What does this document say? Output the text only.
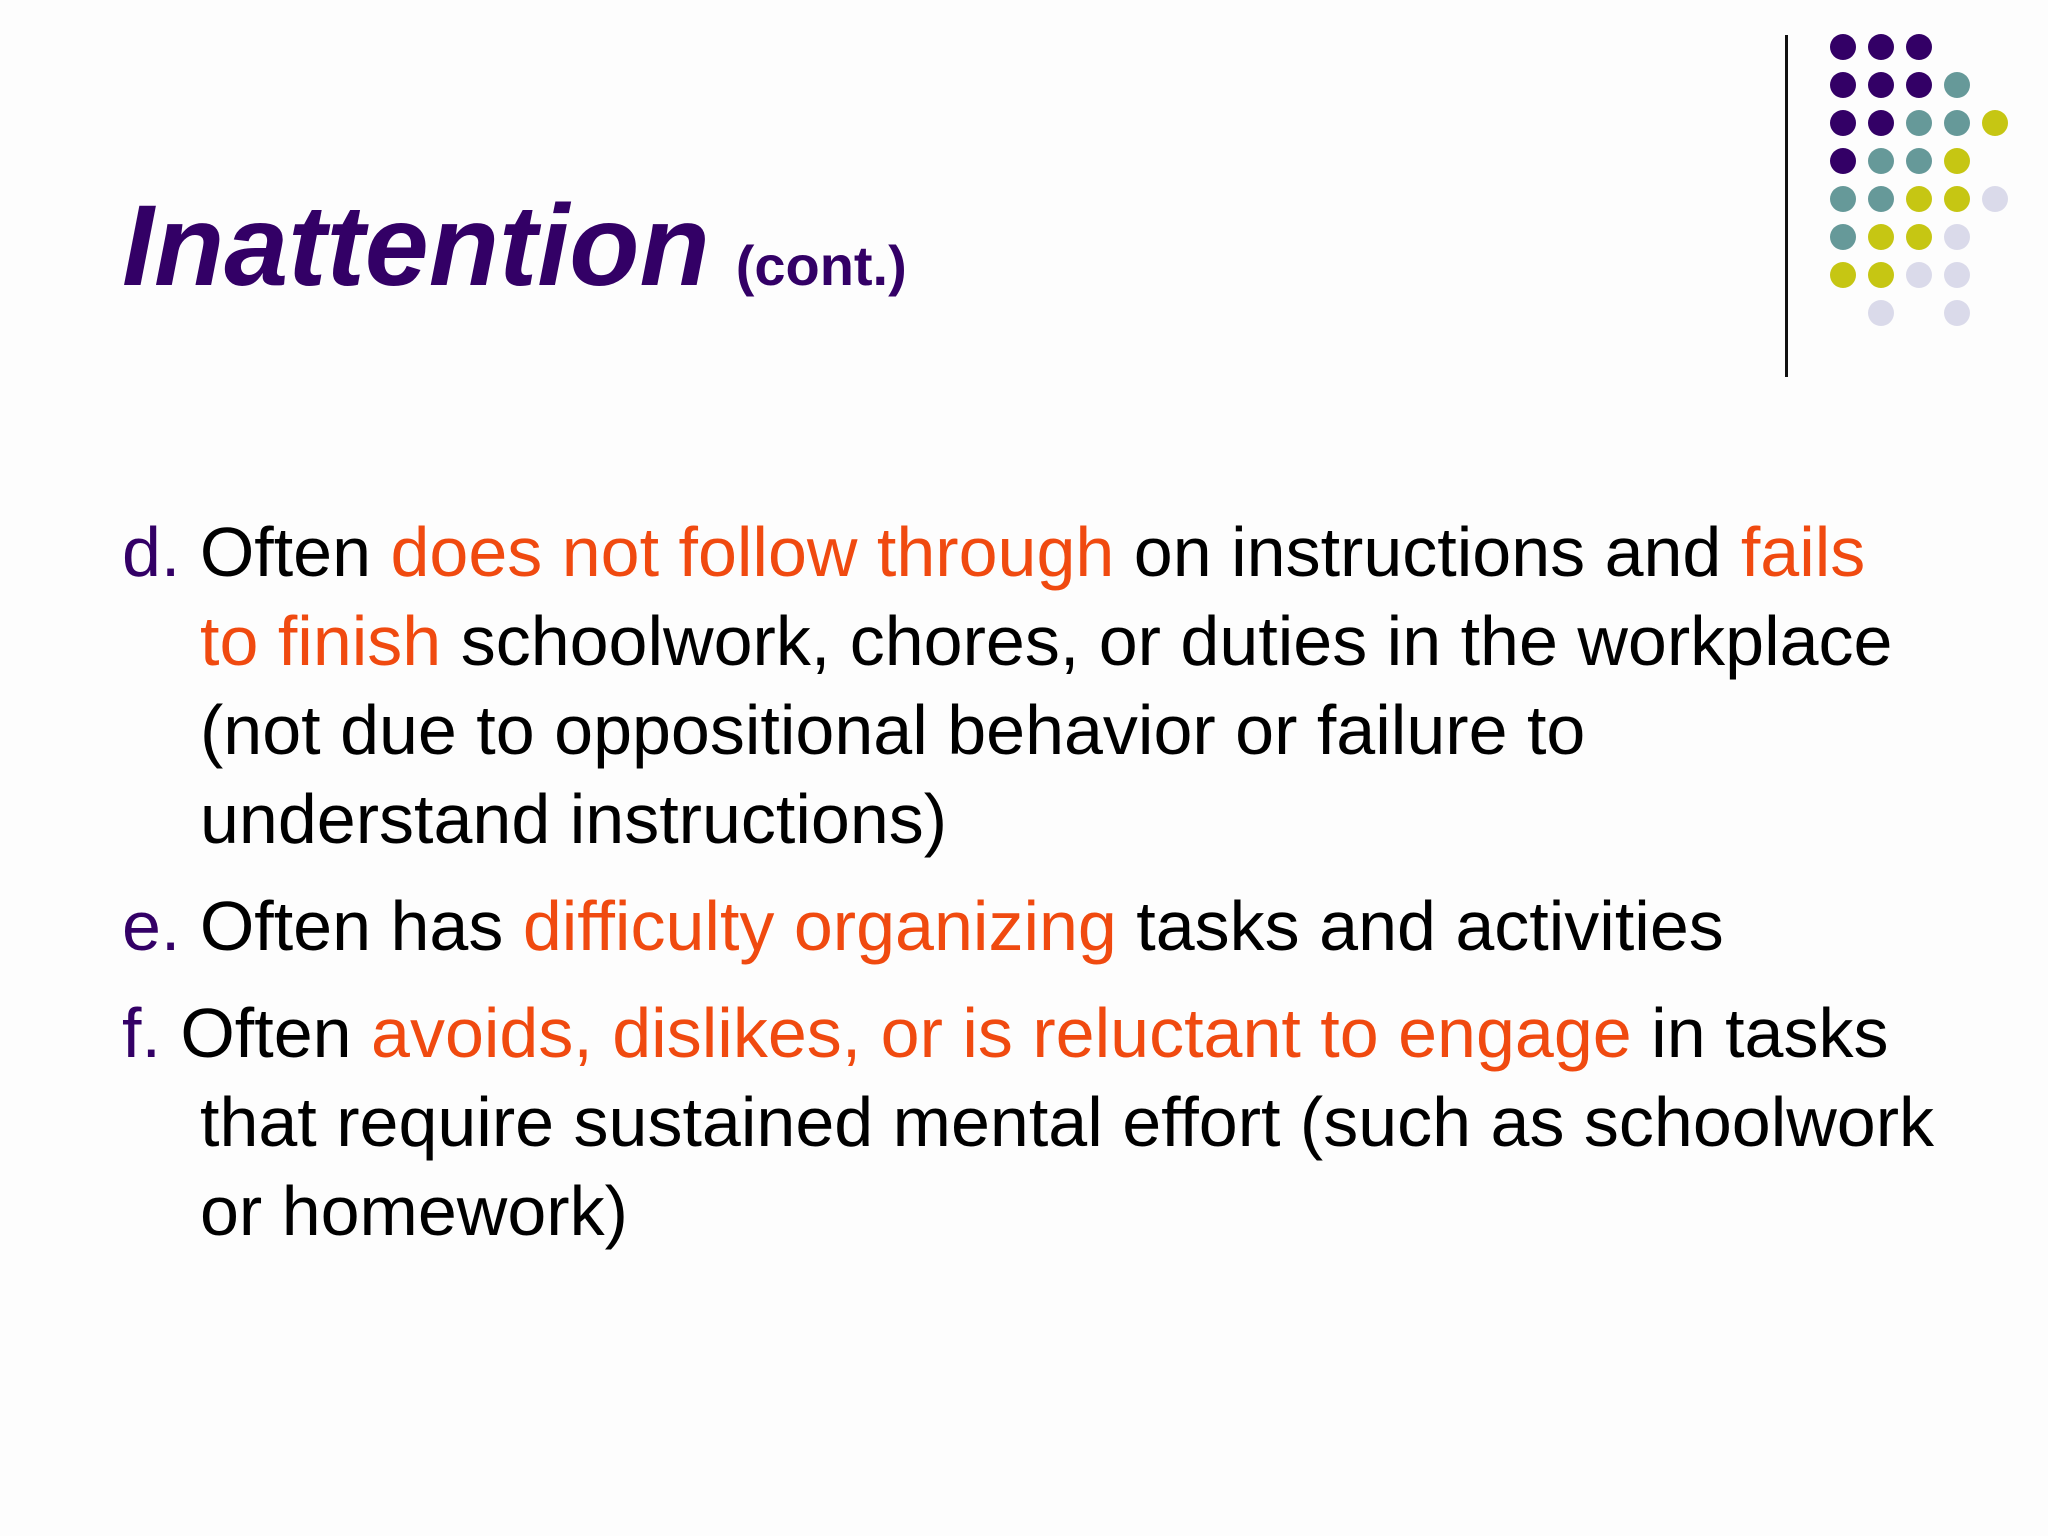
Inattention (cont.)
d. Often does not follow through on instructions and fails to finish schoolwork, chores, or duties in the workplace (not due to oppositional behavior or failure to understand instructions)
e. Often has difficulty organizing tasks and activities
f. Often avoids, dislikes, or is reluctant to engage in tasks that require sustained mental effort (such as schoolwork or homework)
